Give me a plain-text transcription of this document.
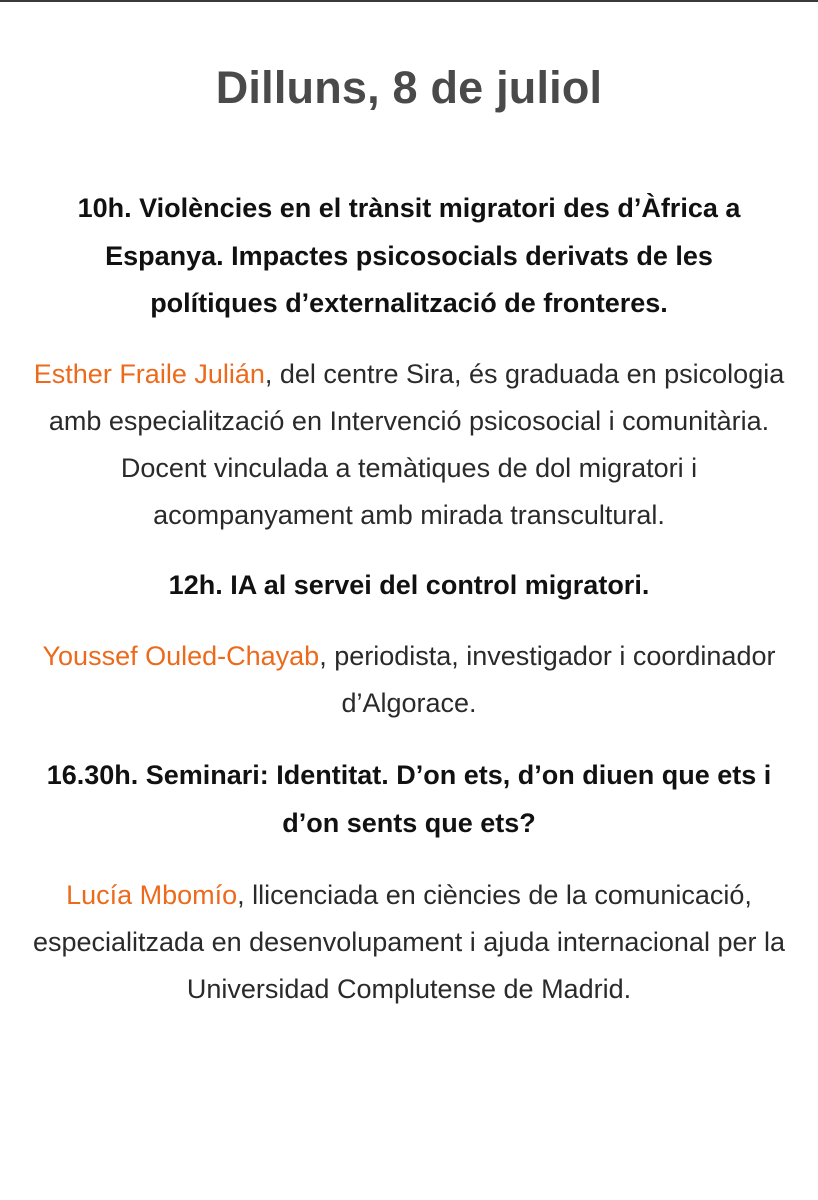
Dilluns, 8 de juliol
10h. Violències en el trànsit migratori des d’Àfrica a Espanya. Impactes psicosocials derivats de les polítiques d’externalització de fronteres.

Esther Fraile Julián, del centre Sira, és graduada en psicologia amb especialització en Intervenció psicosocial i comunitària. Docent vinculada a temàtiques de dol migratori i acompanyament amb mirada transcultural.

12h. IA al servei del control migratori.

Youssef Ouled-Chayab, periodista, investigador i coordinador d’Algorace.

16.30h. Seminari: Identitat. D’on ets, d’on diuen que ets i d’on sents que ets?

Lucía Mbomío, llicenciada en ciències de la comunicació, especialitzada en desenvolupament i ajuda internacional per la Universidad Complutense de Madrid.
